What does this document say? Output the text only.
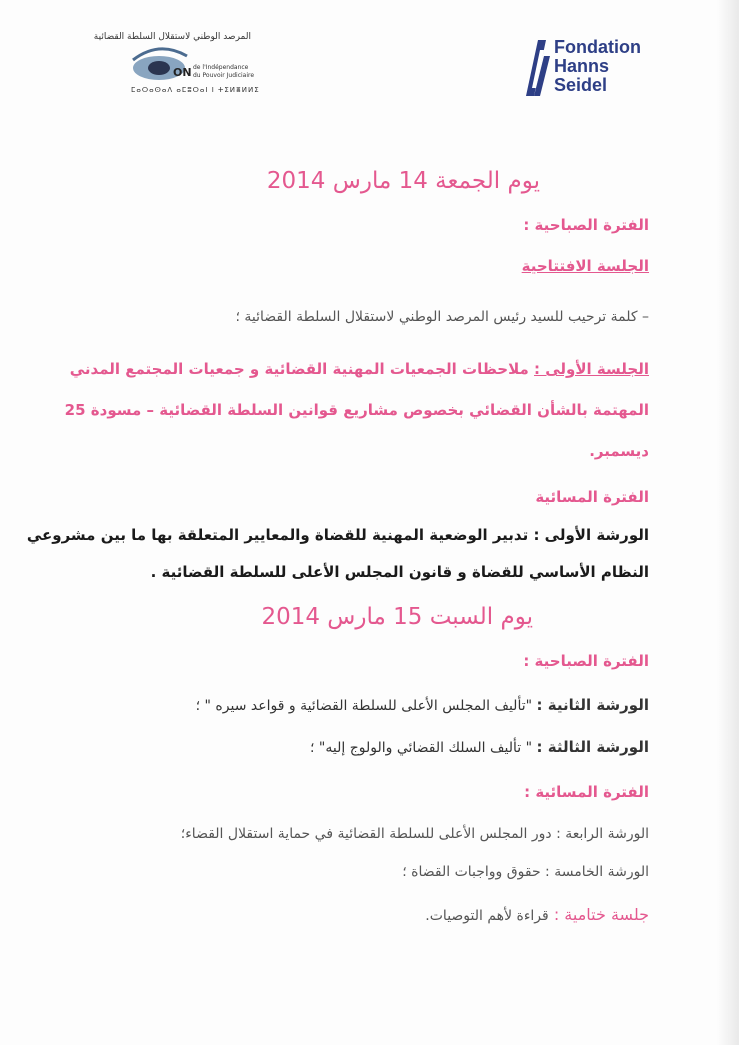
المرصد الوطني لاستقلال السلطة القضائية
ON de l'Indépendance
du Pouvoir Judiciaire
ⵎⴰⵔⴰⵙⴰⴷ ⴰⵎⵓⵔⴰⵏ ⵏ ⵜⵉⵍⴻⵍⵍⵉ
Fondation
Hanns
Seidel
يوم الجمعة 14 مارس 2014
الفترة الصباحية :
الجلسة الافتتاحية
– كلمة ترحيب للسيد رئيس المرصد الوطني لاستقلال السلطة القضائية ؛
الجلسة الأولى : ملاحظات الجمعيات المهنية القضائية و جمعيات المجتمع المدني
المهتمة بالشأن القضائي بخصوص مشاريع قوانين السلطة القضائية – مسودة 25
دیسمبر.
الفترة المسائية
الورشة الأولى : تدبير الوضعية المهنية للقضاة والمعايير المتعلقة بها ما بين مشروعي
النظام الأساسي للقضاة و قانون المجلس الأعلى للسلطة القضائية .
يوم السبت 15 مارس 2014
الفترة الصباحية :
الورشة الثانية : "تأليف المجلس الأعلى للسلطة القضائية و قواعد سيره " ؛
الورشة الثالثة : " تأليف السلك القضائي والولوج إليه" ؛
الفترة المسائية :
الورشة الرابعة : دور المجلس الأعلى للسلطة القضائية في حماية استقلال القضاء؛
الورشة الخامسة : حقوق وواجبات القضاة ؛
جلسة ختامية : قراءة لأهم التوصيات.
